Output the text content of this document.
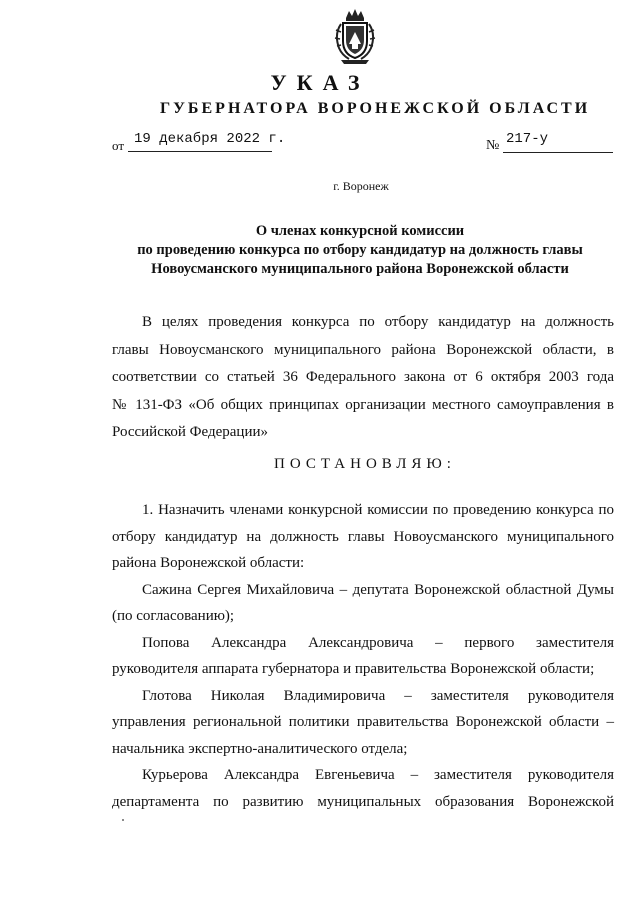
УКАЗ
ГУБЕРНАТОРА ВОРОНЕЖСКОЙ ОБЛАСТИ
от 19 декабря 2022 г.	№ 217-у
г. Воронеж
О членах конкурсной комиссии
по проведению конкурса по отбору кандидатур на должность главы
Новоусманского муниципального района Воронежской области
В целях проведения конкурса по отбору кандидатур на должность
главы Новоусманского муниципального района Воронежской области, в
соответствии со статьей 36 Федерального закона от 6 октября 2003 года
№ 131-ФЗ «Об общих принципах организации местного самоуправления в
Российской Федерации»
ПОСТАНОВЛЯЮ:
1. Назначить членами конкурсной комиссии по проведению конкурса по
отбору кандидатур на должность главы Новоусманского муниципального
района Воронежской области:
Сажина Сергея Михайловича – депутата Воронежской областной Думы
(по согласованию);
Попова Александра Александровича – первого заместителя
руководителя аппарата губернатора и правительства Воронежской области;
Глотова Николая Владимировича – заместителя руководителя
управления региональной политики правительства Воронежской области –
начальника экспертно-аналитического отдела;
Курьерова Александра Евгеньевича – заместителя руководителя
департамента по развитию муниципальных образования Воронежской
